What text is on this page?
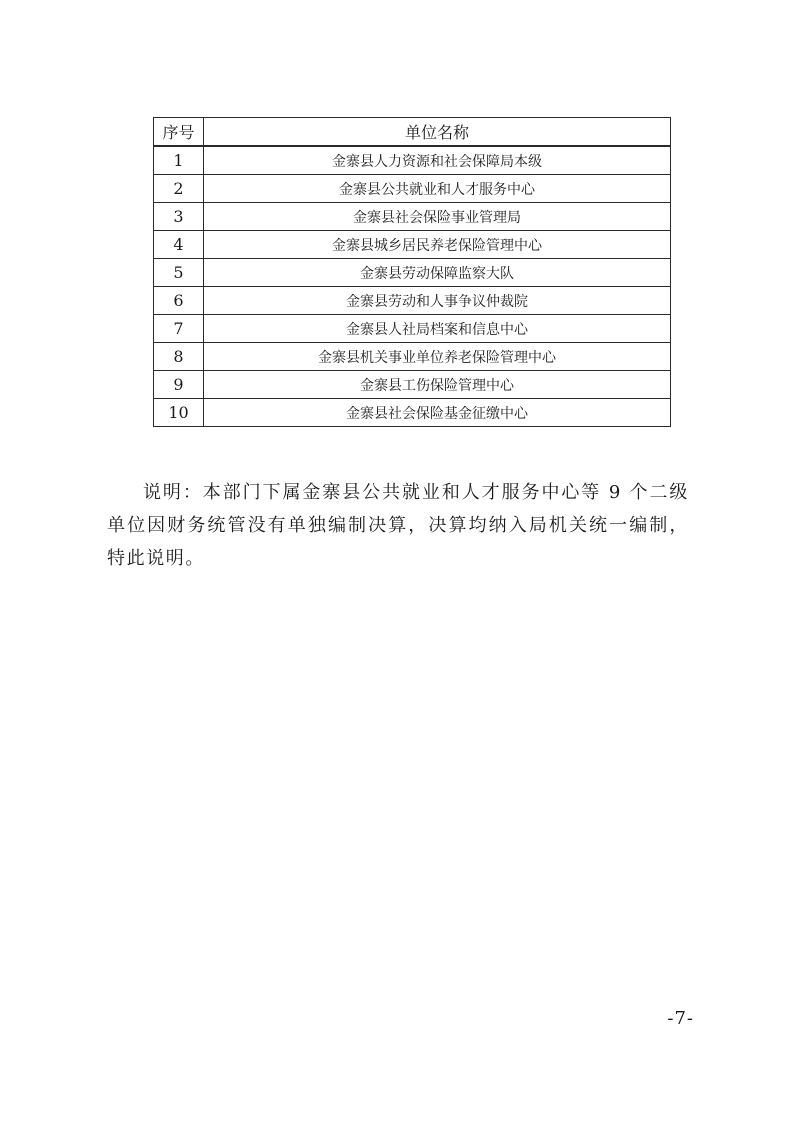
序号	单位名称
1	金寨县人力资源和社会保障局本级
2	金寨县公共就业和人才服务中心
3	金寨县社会保险事业管理局
4	金寨县城乡居民养老保险管理中心
5	金寨县劳动保障监察大队
6	金寨县劳动和人事争议仲裁院
7	金寨县人社局档案和信息中心
8	金寨县机关事业单位养老保险管理中心
9	金寨县工伤保险管理中心
10	金寨县社会保险基金征缴中心

说明：本部门下属金寨县公共就业和人才服务中心等 9 个二级单位因财务统管没有单独编制决算，决算均纳入局机关统一编制，特此说明。

-7-
